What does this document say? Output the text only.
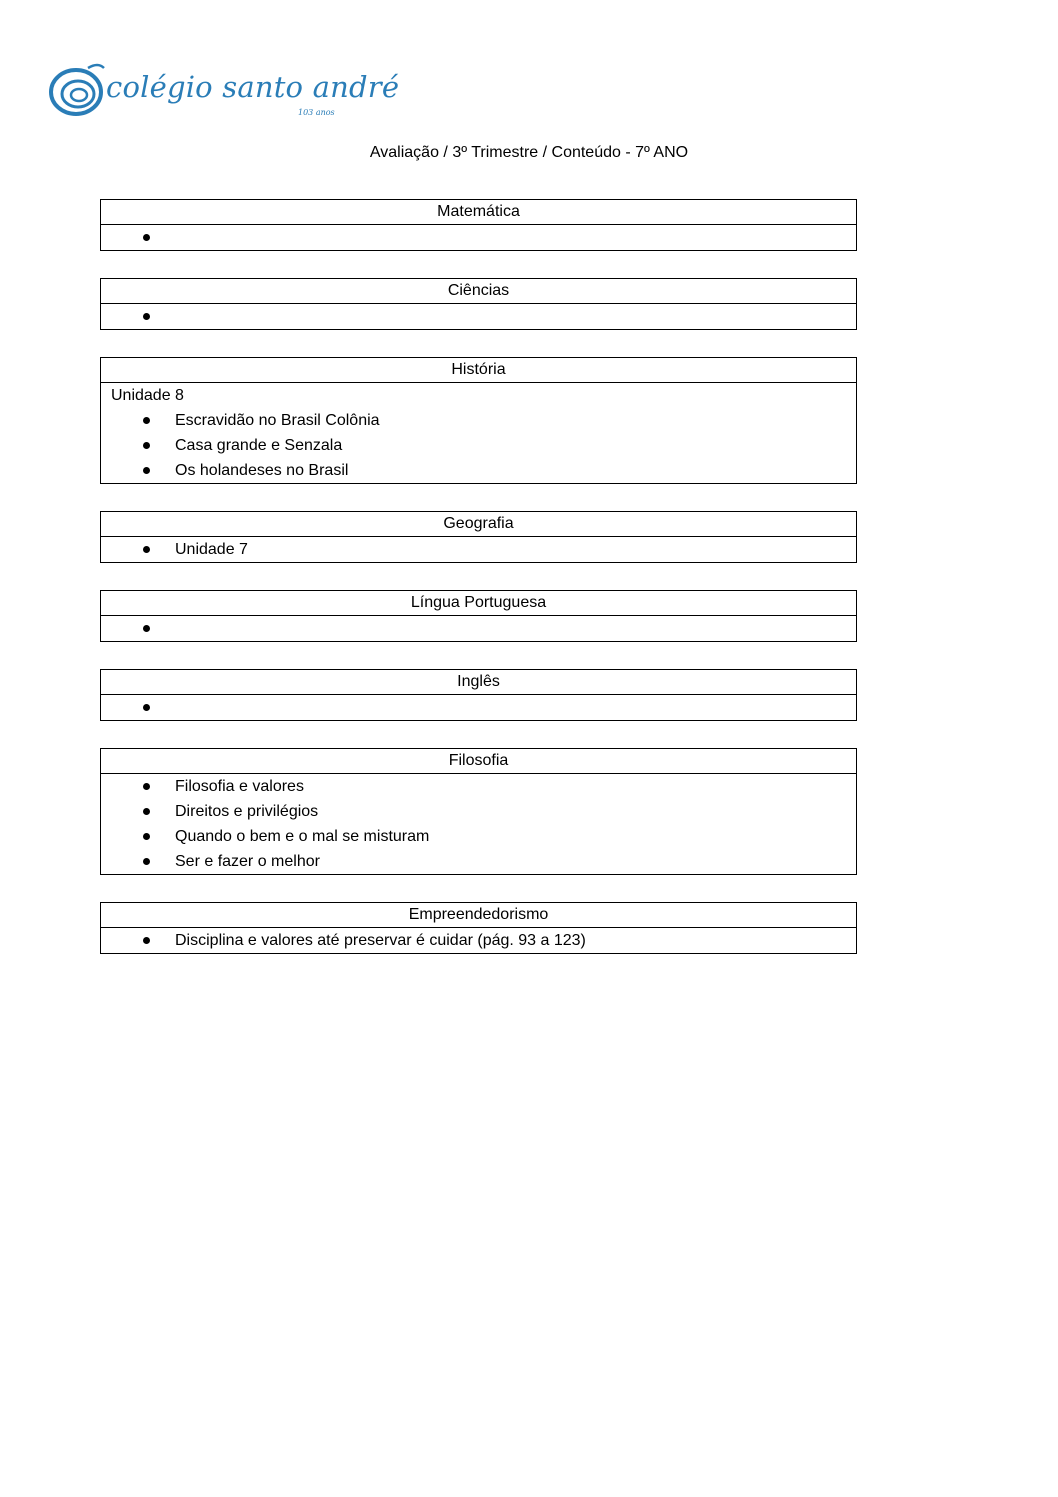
colégio santo andré
103 anos
Avaliação / 3º Trimestre / Conteúdo - 7º ANO
Matemática
Ciências
História
Unidade 8
Escravidão no Brasil Colônia
Casa grande e Senzala
Os holandeses no Brasil
Geografia
Unidade 7
Língua Portuguesa
Inglês
Filosofia
Filosofia e valores
Direitos e privilégios
Quando o bem e o mal se misturam
Ser e fazer o melhor
Empreendedorismo
Disciplina e valores até preservar é cuidar (pág. 93 a 123)
